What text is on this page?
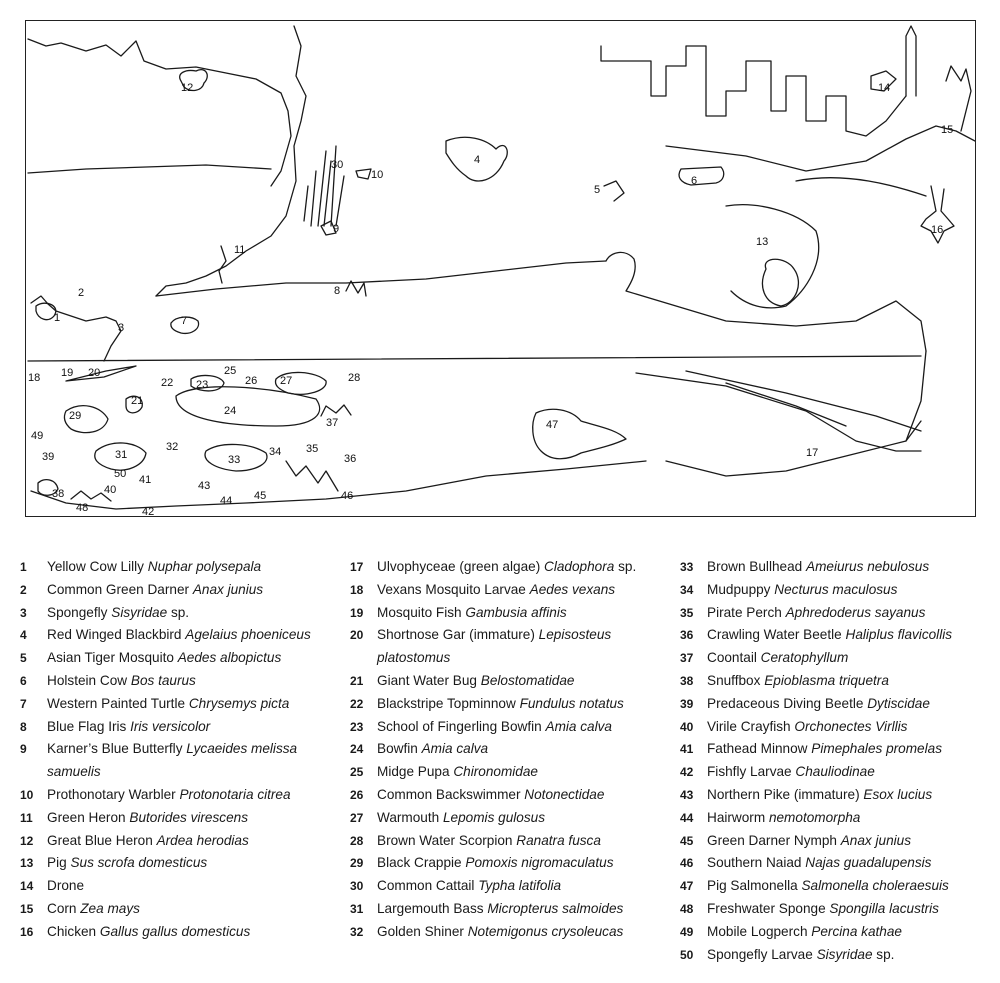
1
2
3
4
5
6
7
8
9
10
11
12
13
14
15
16
17
18 19 20
21
22 23
24
25
26 27	28
29
30
31
32
33
34 35
36
37
38
39
40
41
42
43
44 45	46
47
48
49
50
1	Yellow Cow Lilly Nuphar polysepala
2	Common Green Darner Anax junius
3	Spongefly Sisyridae sp.
4	Red Winged Blackbird Agelaius phoeniceus
5	Asian Tiger Mosquito Aedes albopictus
6	Holstein Cow Bos taurus
7	Western Painted Turtle Chrysemys picta
8	Blue Flag Iris Iris versicolor
9	Karner’s Blue Butterfly Lycaeides melissa samuelis
10	Prothonotary Warbler Protonotaria citrea
11	Green Heron Butorides virescens
12	Great Blue Heron Ardea herodias
13	Pig Sus scrofa domesticus
14	Drone
15	Corn Zea mays
16	Chicken Gallus gallus domesticus
17	Ulvophyceae (green algae) Cladophora sp.
18	Vexans Mosquito Larvae Aedes vexans
19	Mosquito Fish Gambusia affinis
20	Shortnose Gar (immature) Lepisosteus platostomus
21	Giant Water Bug Belostomatidae
22	Blackstripe Topminnow Fundulus notatus
23	School of Fingerling Bowfin Amia calva
24	Bowfin Amia calva
25	Midge Pupa Chironomidae
26	Common Backswimmer Notonectidae
27	Warmouth Lepomis gulosus
28	Brown Water Scorpion Ranatra fusca
29	Black Crappie Pomoxis nigromaculatus
30	Common Cattail Typha latifolia
31	Largemouth Bass Micropterus salmoides
32	Golden Shiner Notemigonus crysoleucas
33	Brown Bullhead Ameiurus nebulosus
34	Mudpuppy Necturus maculosus
35	Pirate Perch Aphredoderus sayanus
36	Crawling Water Beetle Haliplus flavicollis
37	Coontail Ceratophyllum
38	Snuffbox Epioblasma triquetra
39	Predaceous Diving Beetle Dytiscidae
40	Virile Crayfish Orchonectes Virllis
41	Fathead Minnow Pimephales promelas
42	Fishfly Larvae Chauliodinae
43	Northern Pike (immature) Esox lucius
44	Hairworm nemotomorpha
45	Green Darner Nymph Anax junius
46	Southern Naiad Najas guadalupensis
47	Pig Salmonella Salmonella choleraesuis
48	Freshwater Sponge Spongilla lacustris
49	Mobile Logperch Percina kathae
50	Spongefly Larvae Sisyridae sp.
